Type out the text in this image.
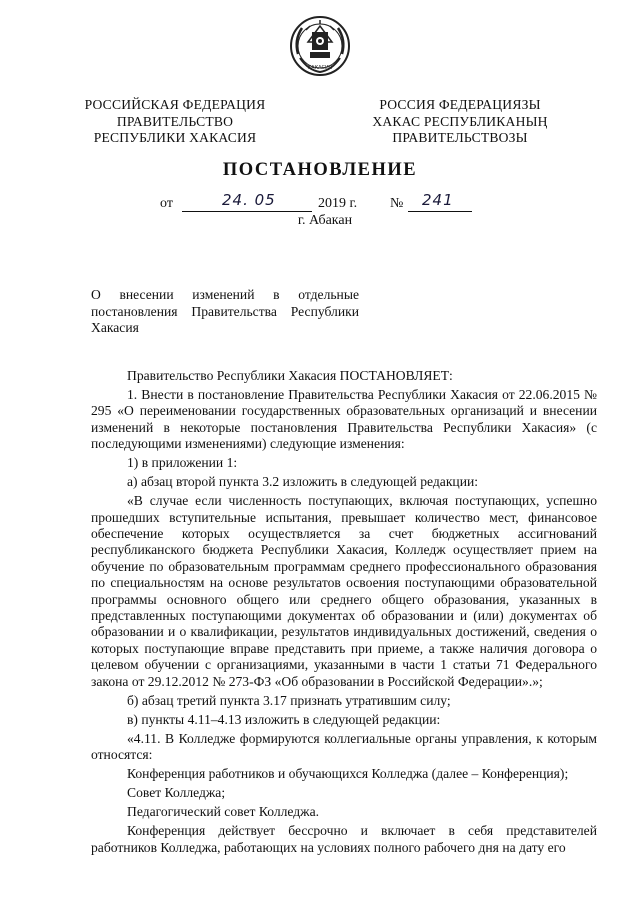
ХАКАСИЯ
РОССИЙСКАЯ ФЕДЕРАЦИЯ
ПРАВИТЕЛЬСТВО
РЕСПУБЛИКИ ХАКАСИЯ
РОССИЯ ФЕДЕРАЦИЯЗЫ
ХАКАС РЕСПУБЛИКАНЫҢ
ПРАВИТЕЛЬСТВОЗЫ
ПОСТАНОВЛЕНИЕ
от	24. 05	2019 г. № 241
г. Абакан
О внесении изменений в отдельные
постановления Правительства Республики
Хакасия

Правительство Республики Хакасия ПОСТАНОВЛЯЕТ:

1. Внести в постановление Правительства Республики Хакасия от 22.06.2015 № 295 «О переименовании государственных образовательных организаций и внесении изменений в некоторые постановления Правительства Республики Хакасия» (с последующими изменениями) следующие изменения:

1) в приложении 1:

а) абзац второй пункта 3.2 изложить в следующей редакции:

«В случае если численность поступающих, включая поступающих, успешно прошедших вступительные испытания, превышает количество мест, финансовое обеспечение которых осуществляется за счет бюджетных ассигнований республиканского бюджета Республики Хакасия, Колледж осуществляет прием на обучение по образовательным программам среднего профессионального образования по специальностям на основе результатов освоения поступающими образовательной программы основного общего или среднего общего образования, указанных в представленных поступающими документах об образовании и (или) документах об образовании и о квалификации, результатов индивидуальных достижений, сведения о которых поступающие вправе представить при приеме, а также наличия договора о целевом обучении с организациями, указанными в части 1 статьи 71 Федерального закона от 29.12.2012 № 273-ФЗ «Об образовании в Российской Федерации».»;

б) абзац третий пункта 3.17 признать утратившим силу;

в) пункты 4.11–4.13 изложить в следующей редакции:

«4.11. В Колледже формируются коллегиальные органы управления, к которым относятся:

Конференция работников и обучающихся Колледжа (далее – Конференция);

Совет Колледжа;

Педагогический совет Колледжа.

Конференция действует бессрочно и включает в себя представителей работников Колледжа, работающих на условиях полного рабочего дня на дату его
